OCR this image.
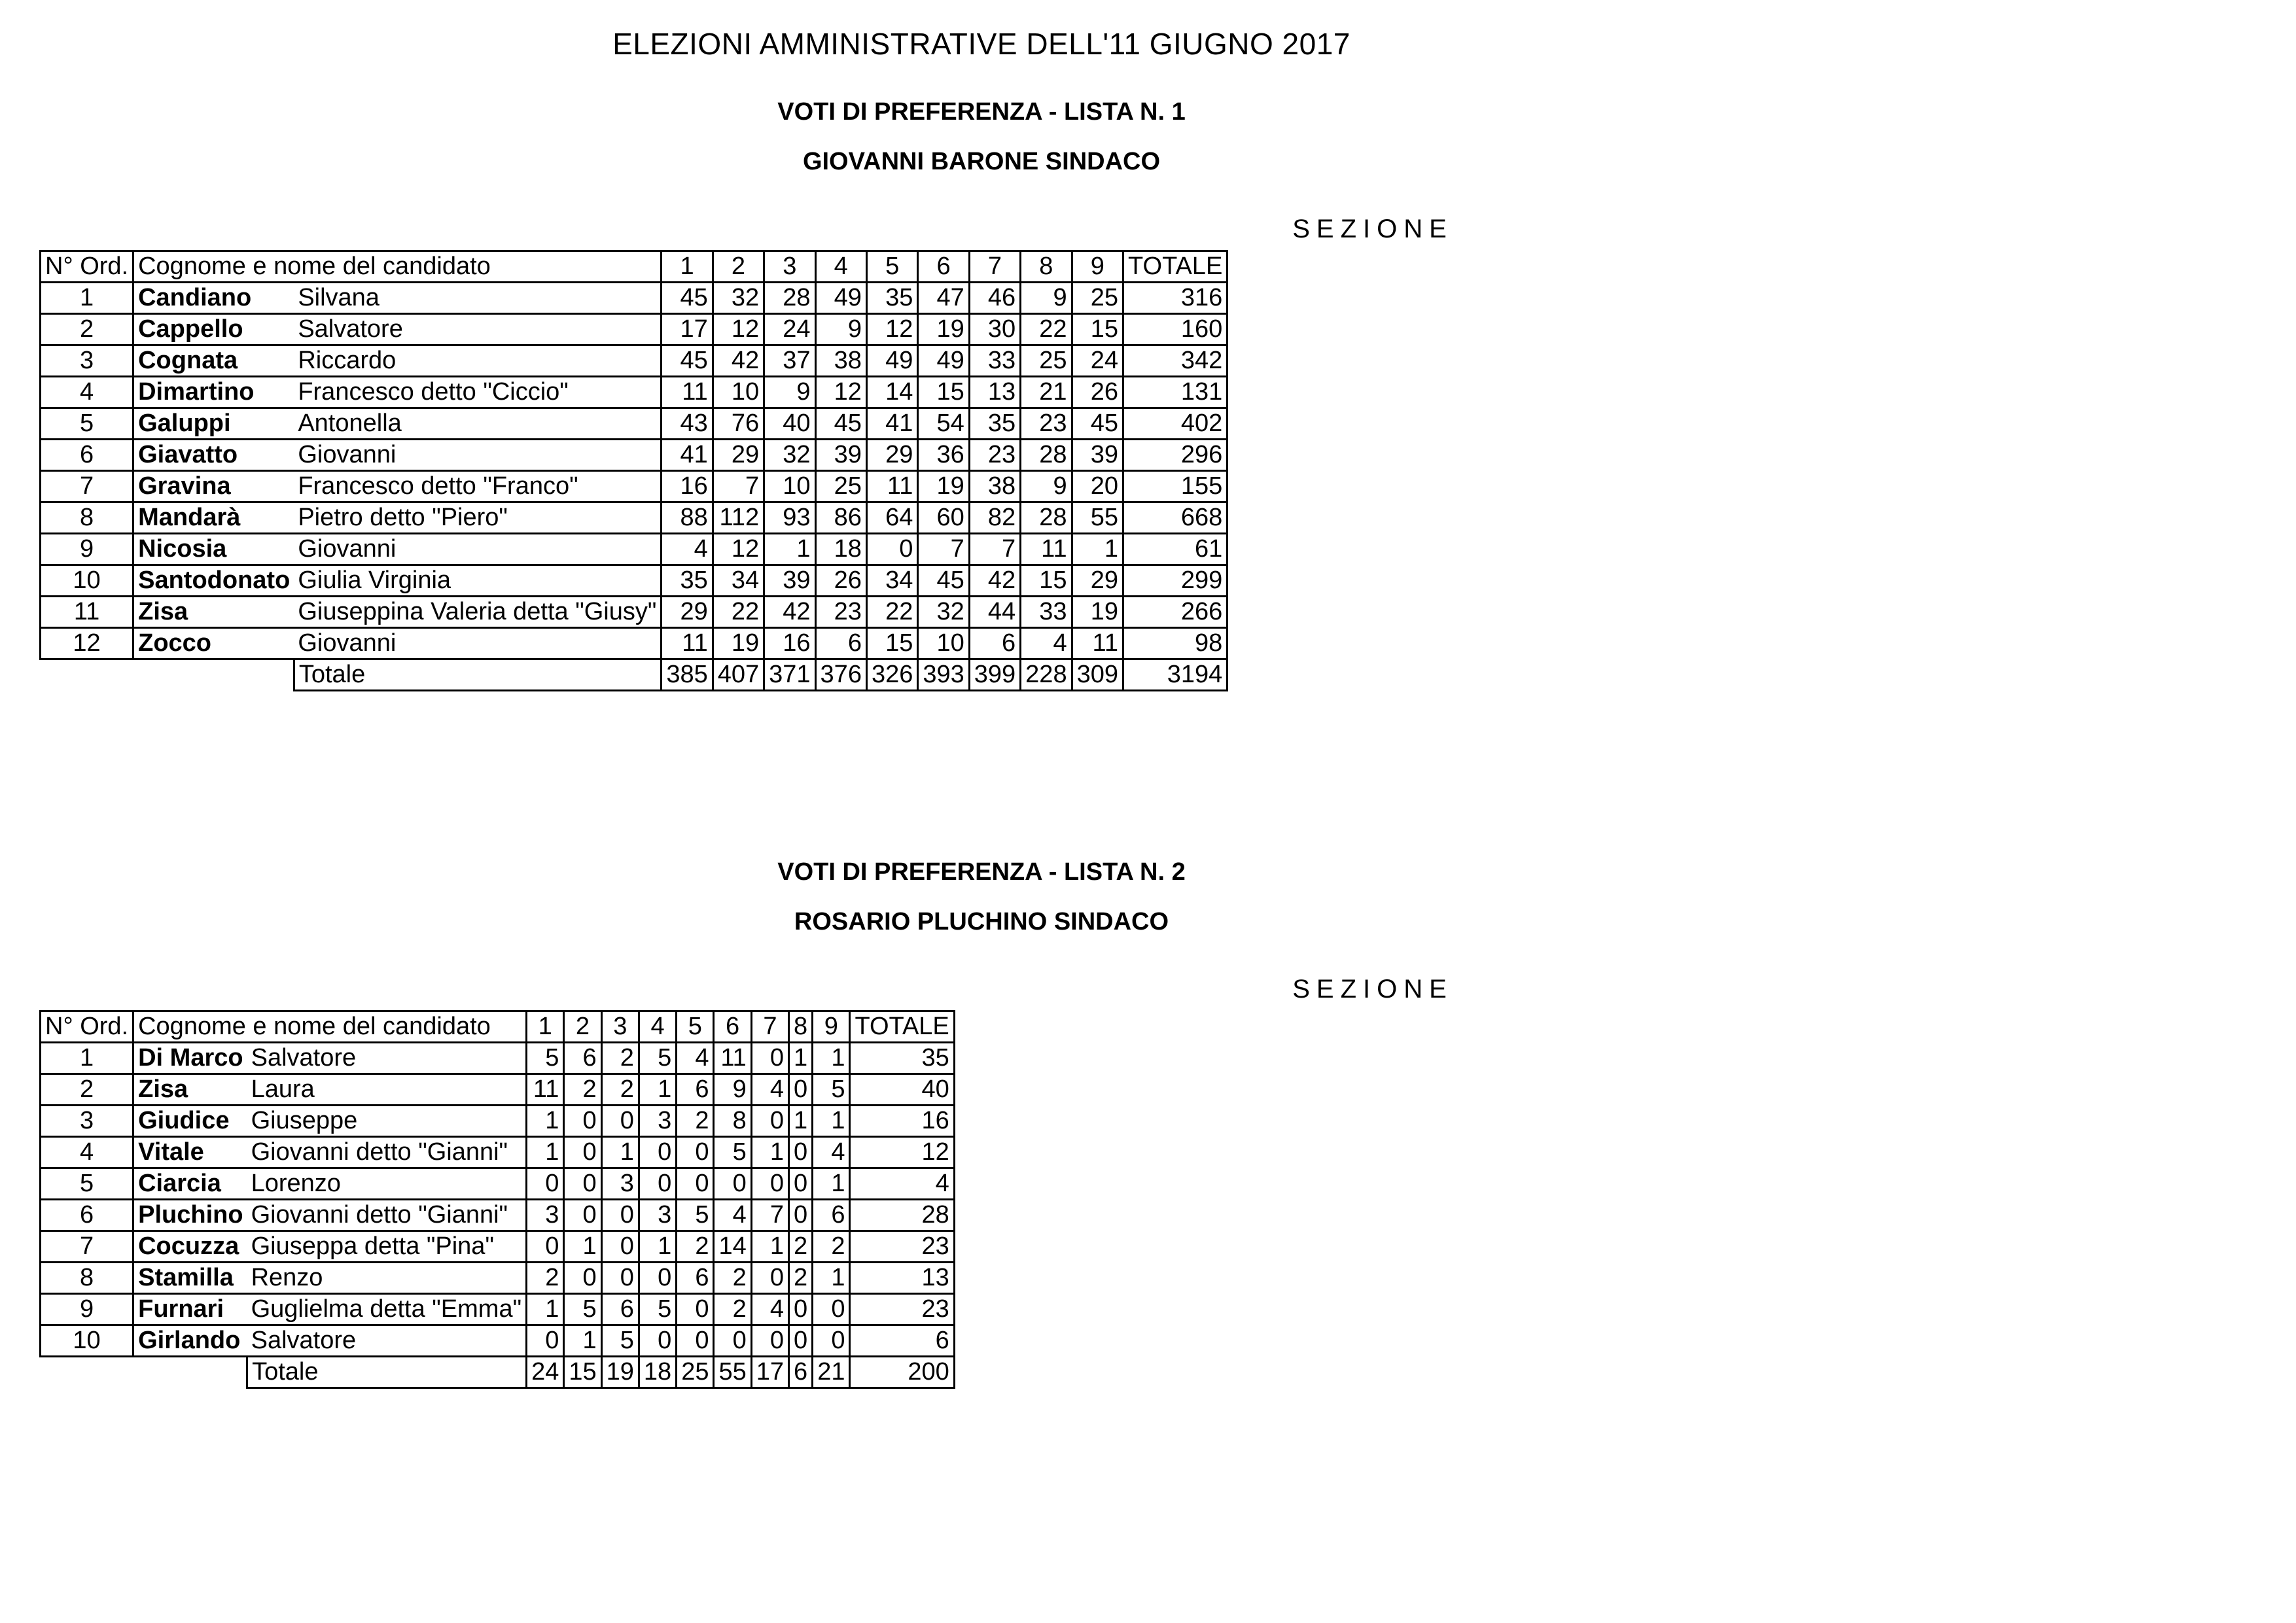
ELEZIONI AMMINISTRATIVE DELL'11 GIUGNO 2017
VOTI DI PREFERENZA - LISTA N. 1
GIOVANNI BARONE SINDACO
SEZIONE
N° Ord.	Cognome e nome del candidato		1	2	3	4	5	6	7	8	9	TOTALE
1	Candiano	Silvana	45	32	28	49	35	47	46	9	25	316
2	Cappello	Salvatore	17	12	24	9	12	19	30	22	15	160
3	Cognata	Riccardo	45	42	37	38	49	49	33	25	24	342
4	Dimartino	Francesco detto "Ciccio"	11	10	9	12	14	15	13	21	26	131
5	Galuppi	Antonella	43	76	40	45	41	54	35	23	45	402
6	Giavatto	Giovanni	41	29	32	39	29	36	23	28	39	296
7	Gravina	Francesco detto "Franco"	16	7	10	25	11	19	38	9	20	155
8	Mandarà	Pietro detto "Piero"	88	112	93	86	64	60	82	28	55	668
9	Nicosia	Giovanni	4	12	1	18	0	7	7	11	1	61
10	Santodonato	Giulia Virginia	35	34	39	26	34	45	42	15	29	299
11	Zisa	Giuseppina Valeria detta "Giusy"	29	22	42	23	22	32	44	33	19	266
12	Zocco	Giovanni	11	19	16	6	15	10	6	4	11	98
		Totale	385	407	371	376	326	393	399	228	309	3194
VOTI DI PREFERENZA - LISTA N. 2
ROSARIO PLUCHINO SINDACO
SEZIONE
N° Ord.	Cognome e nome del candidato		1	2	3	4	5	6	7	8	9	TOTALE
1	Di Marco	Salvatore	5	6	2	5	4	11	0	1	1	35
2	Zisa	Laura	11	2	2	1	6	9	4	0	5	40
3	Giudice	Giuseppe	1	0	0	3	2	8	0	1	1	16
4	Vitale	Giovanni detto "Gianni"	1	0	1	0	0	5	1	0	4	12
5	Ciarcia	Lorenzo	0	0	3	0	0	0	0	0	1	4
6	Pluchino	Giovanni detto "Gianni"	3	0	0	3	5	4	7	0	6	28
7	Cocuzza	Giuseppa detta "Pina"	0	1	0	1	2	14	1	2	2	23
8	Stamilla	Renzo	2	0	0	0	6	2	0	2	1	13
9	Furnari	Guglielma detta "Emma"	1	5	6	5	0	2	4	0	0	23
10	Girlando	Salvatore	0	1	5	0	0	0	0	0	0	6
		Totale	24	15	19	18	25	55	17	6	21	200
